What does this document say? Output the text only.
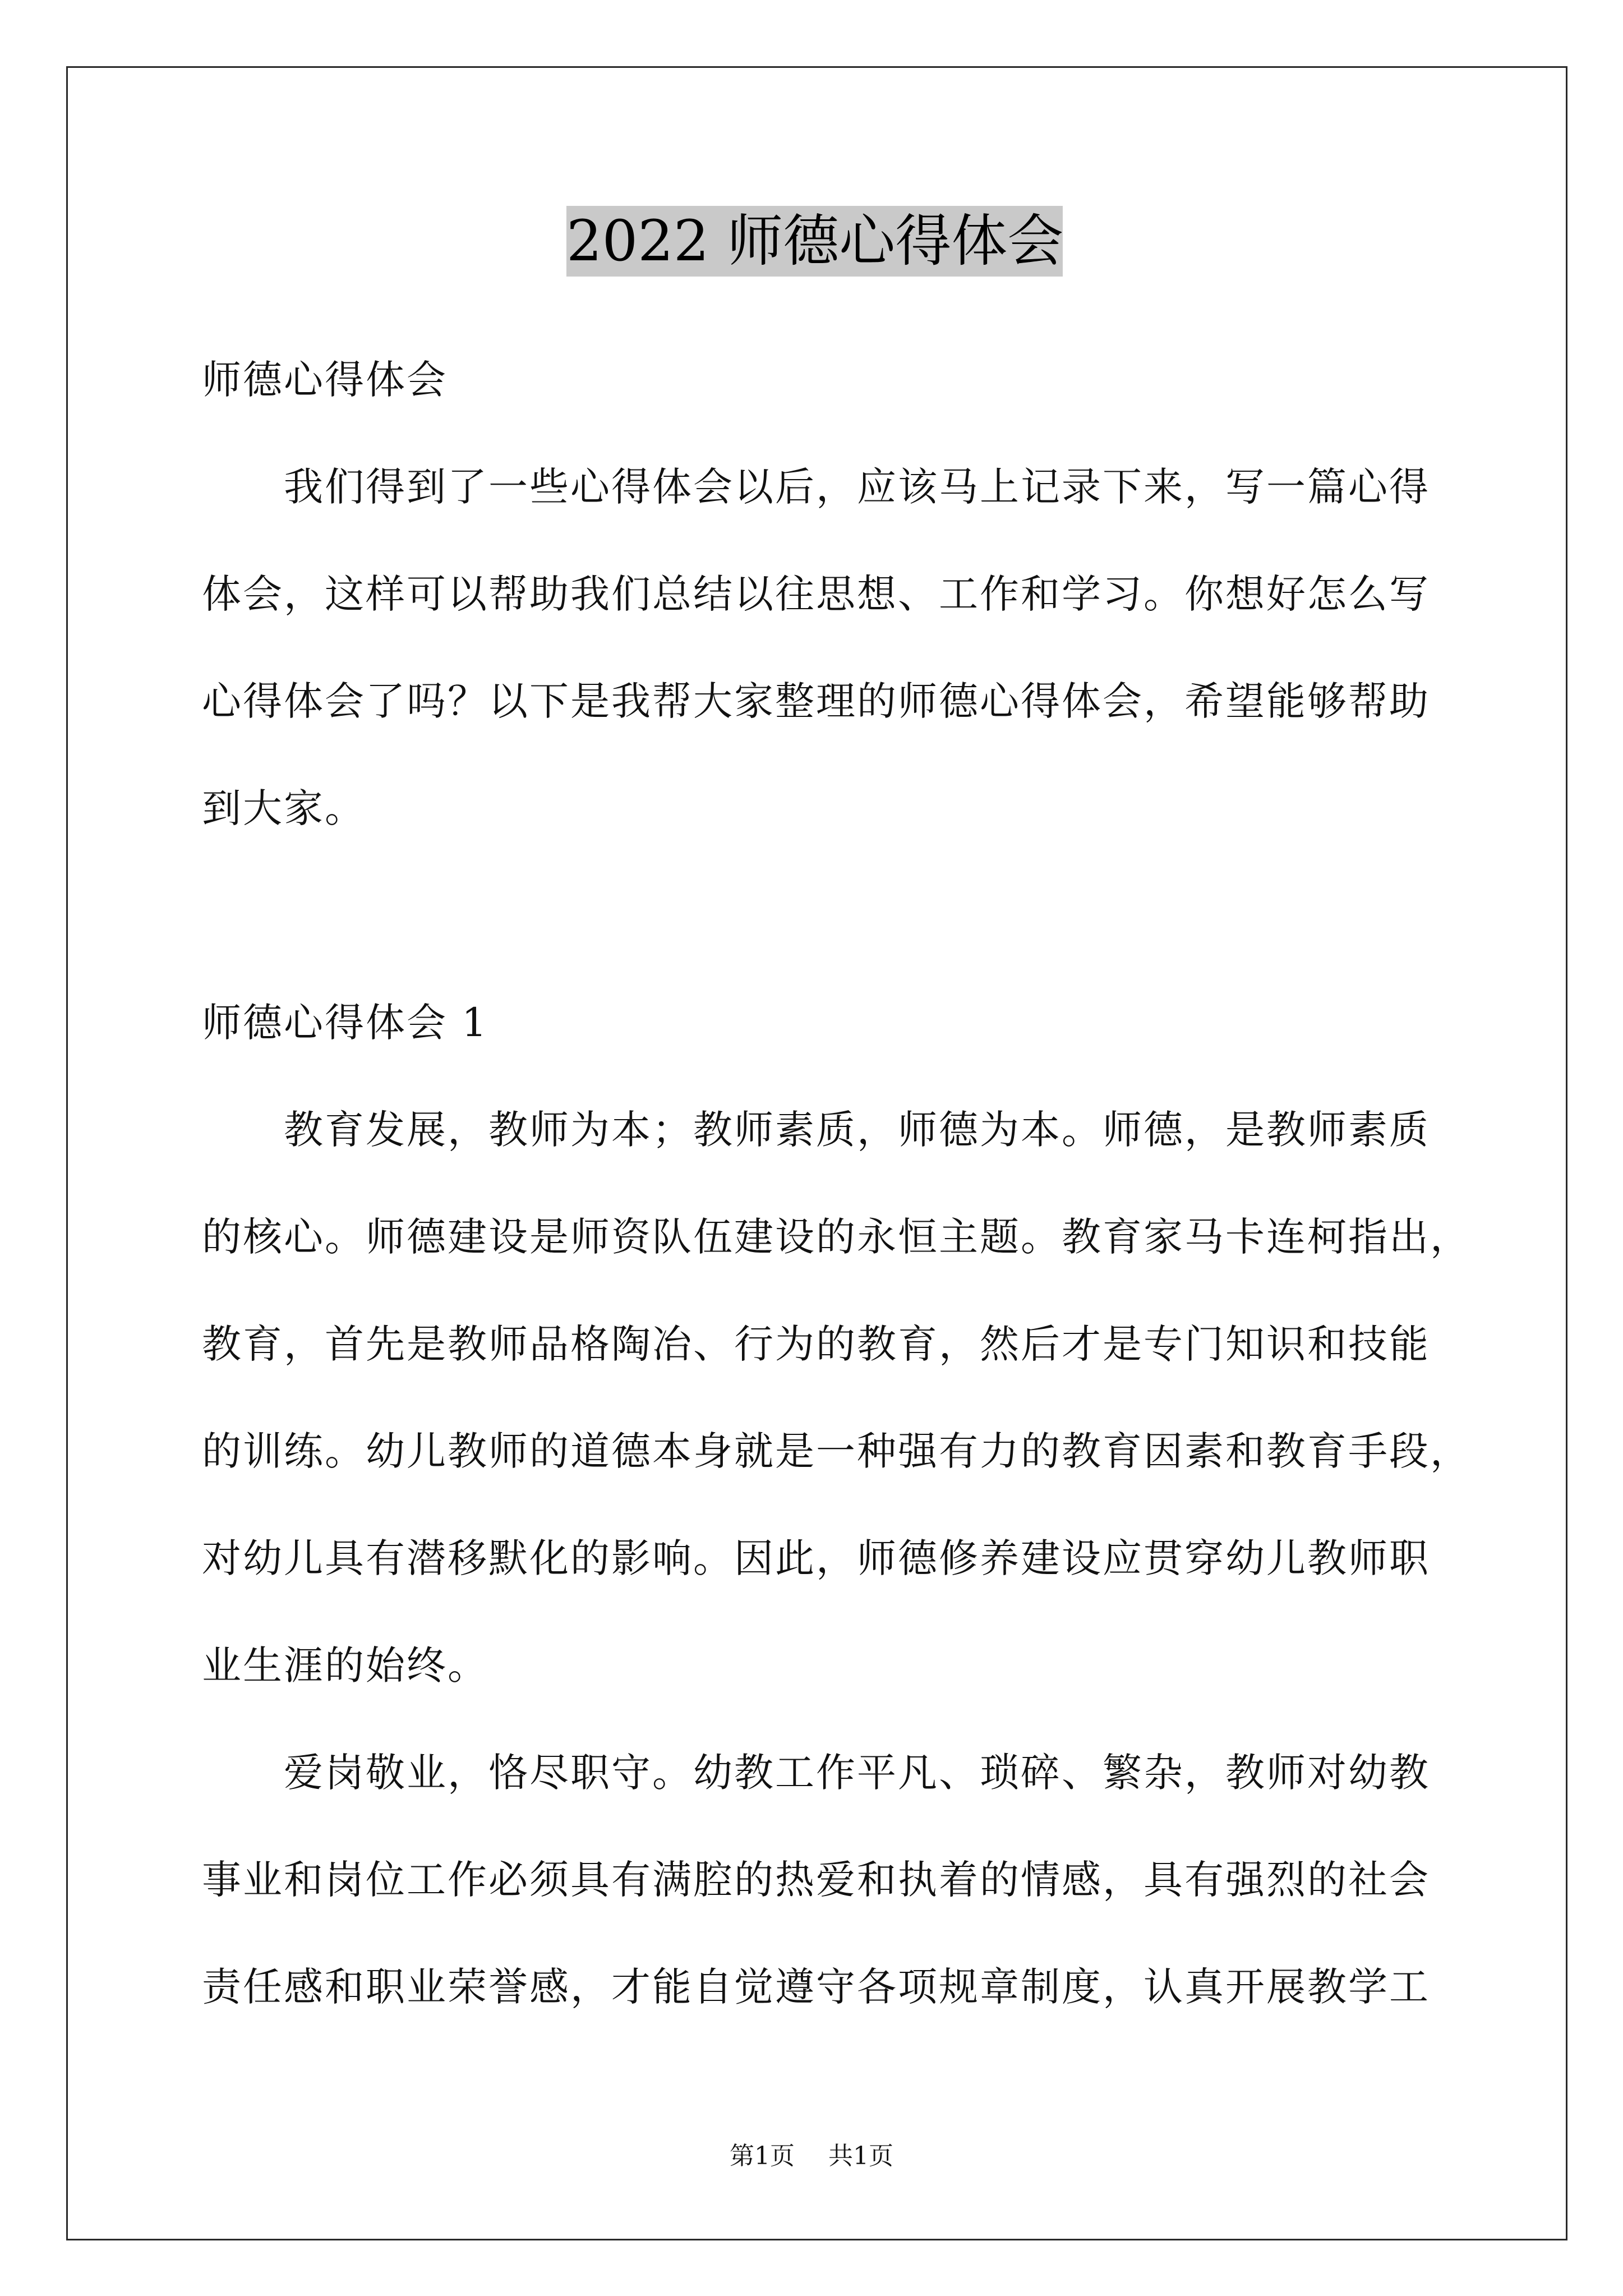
2022 师德心得体会
师德心得体会
我们得到了一些心得体会以后，应该马上记录下来，写一篇心得
体会，这样可以帮助我们总结以往思想、工作和学习。你想好怎么写
心得体会了吗？以下是我帮大家整理的师德心得体会，希望能够帮助
到大家。
师德心得体会 1
教育发展，教师为本；教师素质，师德为本。师德，是教师素质
的核心。师德建设是师资队伍建设的永恒主题。教育家马卡连柯指出，
教育，首先是教师品格陶冶、行为的教育，然后才是专门知识和技能
的训练。幼儿教师的道德本身就是一种强有力的教育因素和教育手段，
对幼儿具有潜移默化的影响。因此，师德修养建设应贯穿幼儿教师职
业生涯的始终。
爱岗敬业，恪尽职守。幼教工作平凡、琐碎、繁杂，教师对幼教
事业和岗位工作必须具有满腔的热爱和执着的情感，具有强烈的社会
责任感和职业荣誉感，才能自觉遵守各项规章制度，认真开展教学工
第1页 共1页
